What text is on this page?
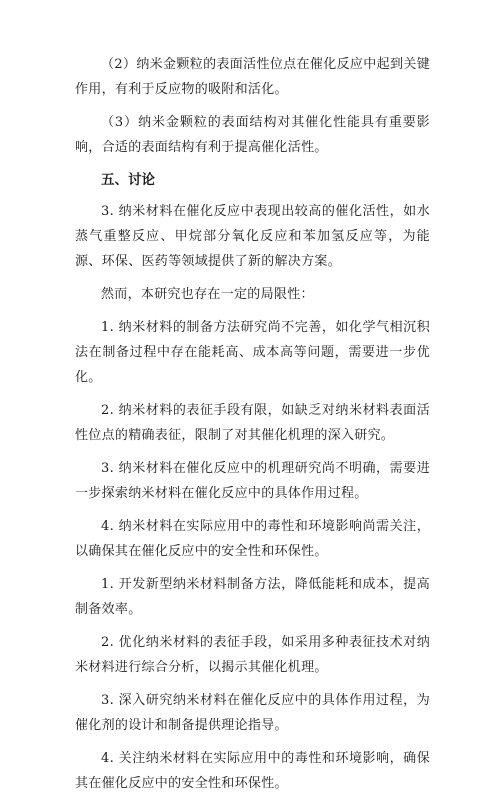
（2）纳米金颗粒的表面活性位点在催化反应中起到关键作用，有利于反应物的吸附和活化。

（3）纳米金颗粒的表面结构对其催化性能具有重要影响，合适的表面结构有利于提高催化活性。

五、讨论

3. 纳米材料在催化反应中表现出较高的催化活性，如水蒸气重整反应、甲烷部分氧化反应和苯加氢反应等，为能源、环保、医药等领域提供了新的解决方案。

然而，本研究也存在一定的局限性：

1. 纳米材料的制备方法研究尚不完善，如化学气相沉积法在制备过程中存在能耗高、成本高等问题，需要进一步优化。

2. 纳米材料的表征手段有限，如缺乏对纳米材料表面活性位点的精确表征，限制了对其催化机理的深入研究。

3. 纳米材料在催化反应中的机理研究尚不明确，需要进一步探索纳米材料在催化反应中的具体作用过程。

4. 纳米材料在实际应用中的毒性和环境影响尚需关注，以确保其在催化反应中的安全性和环保性。

1. 开发新型纳米材料制备方法，降低能耗和成本，提高制备效率。

2. 优化纳米材料的表征手段，如采用多种表征技术对纳米材料进行综合分析，以揭示其催化机理。

3. 深入研究纳米材料在催化反应中的具体作用过程，为催化剂的设计和制备提供理论指导。

4. 关注纳米材料在实际应用中的毒性和环境影响，确保其在催化反应中的安全性和环保性。
